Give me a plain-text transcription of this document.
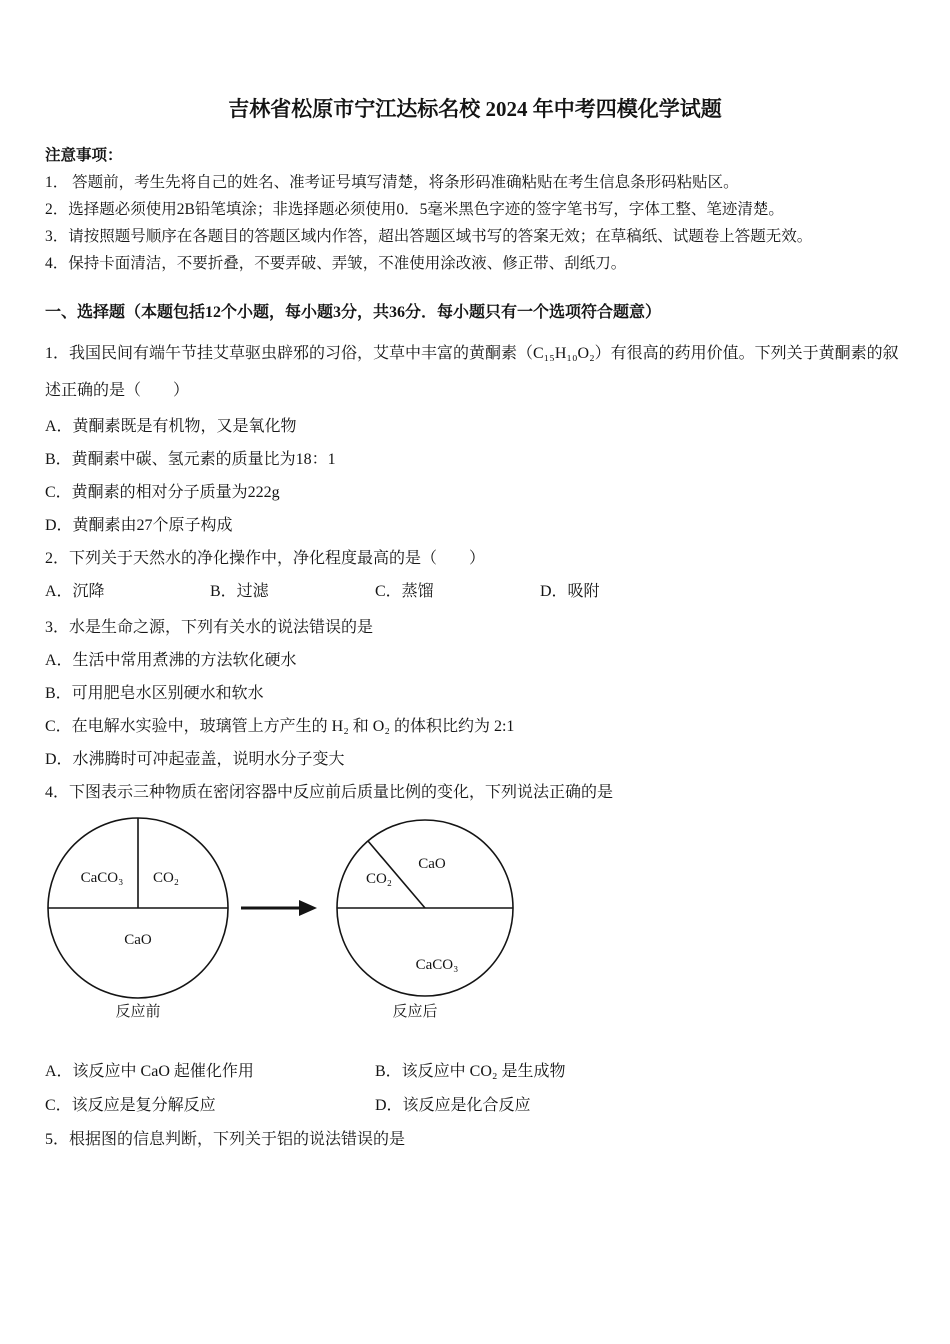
吉林省松原市宁江达标名校 2024 年中考四模化学试题

注意事项：

1． 答题前，考生先将自己的姓名、准考证号填写清楚，将条形码准确粘贴在考生信息条形码粘贴区。

2．选择题必须使用2B铅笔填涂；非选择题必须使用0．5毫米黑色字迹的签字笔书写，字体工整、笔迹清楚。

3．请按照题号顺序在各题目的答题区域内作答，超出答题区域书写的答案无效；在草稿纸、试题卷上答题无效。

4．保持卡面清洁，不要折叠，不要弄破、弄皱，不准使用涂改液、修正带、刮纸刀。

一、选择题（本题包括12个小题，每小题3分，共36分．每小题只有一个选项符合题意）

1．我国民间有端午节挂艾草驱虫辟邪的习俗，艾草中丰富的黄酮素（C₁₅H₁₀O₂）有很高的药用价值。下列关于黄酮素的叙述正确的是（　　）

A．黄酮素既是有机物，又是氧化物

B．黄酮素中碳、氢元素的质量比为18：1

C．黄酮素的相对分子质量为222g

D．黄酮素由27个原子构成

2．下列关于天然水的净化操作中，净化程度最高的是（　　）

A．沉降	B．过滤	C．蒸馏	D．吸附

3．水是生命之源，下列有关水的说法错误的是

A．生活中常用煮沸的方法软化硬水

B．可用肥皂水区别硬水和软水

C．在电解水实验中，玻璃管上方产生的 H₂ 和 O₂ 的体积比约为 2:1

D．水沸腾时可冲起壶盖，说明水分子变大

4．下图表示三种物质在密闭容器中反应前后质量比例的变化，下列说法正确的是

CaCO₃ CO₂
CaO
反应前
CO₂
CaO
CaCO₃
反应后
A．该反应中 CaO 起催化作用	B．该反应中 CO₂ 是生成物
C．该反应是复分解反应	D．该反应是化合反应

5．根据图的信息判断，下列关于铝的说法错误的是
